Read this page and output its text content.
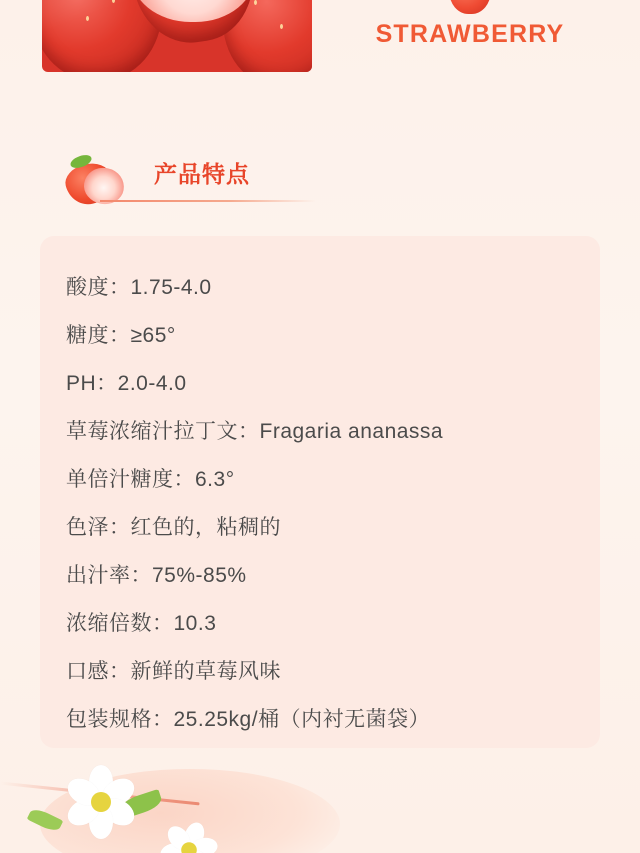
STRAWBERRY
产品特点
酸度：1.75-4.0
糖度：≥65°
PH：2.0-4.0
草莓浓缩汁拉丁文：Fragaria ananassa
单倍汁糖度：6.3°
色泽：红色的，粘稠的
出汁率：75%-85%
浓缩倍数：10.3
口感：新鲜的草莓风味
包装规格：25.25kg/桶（内衬无菌袋）
